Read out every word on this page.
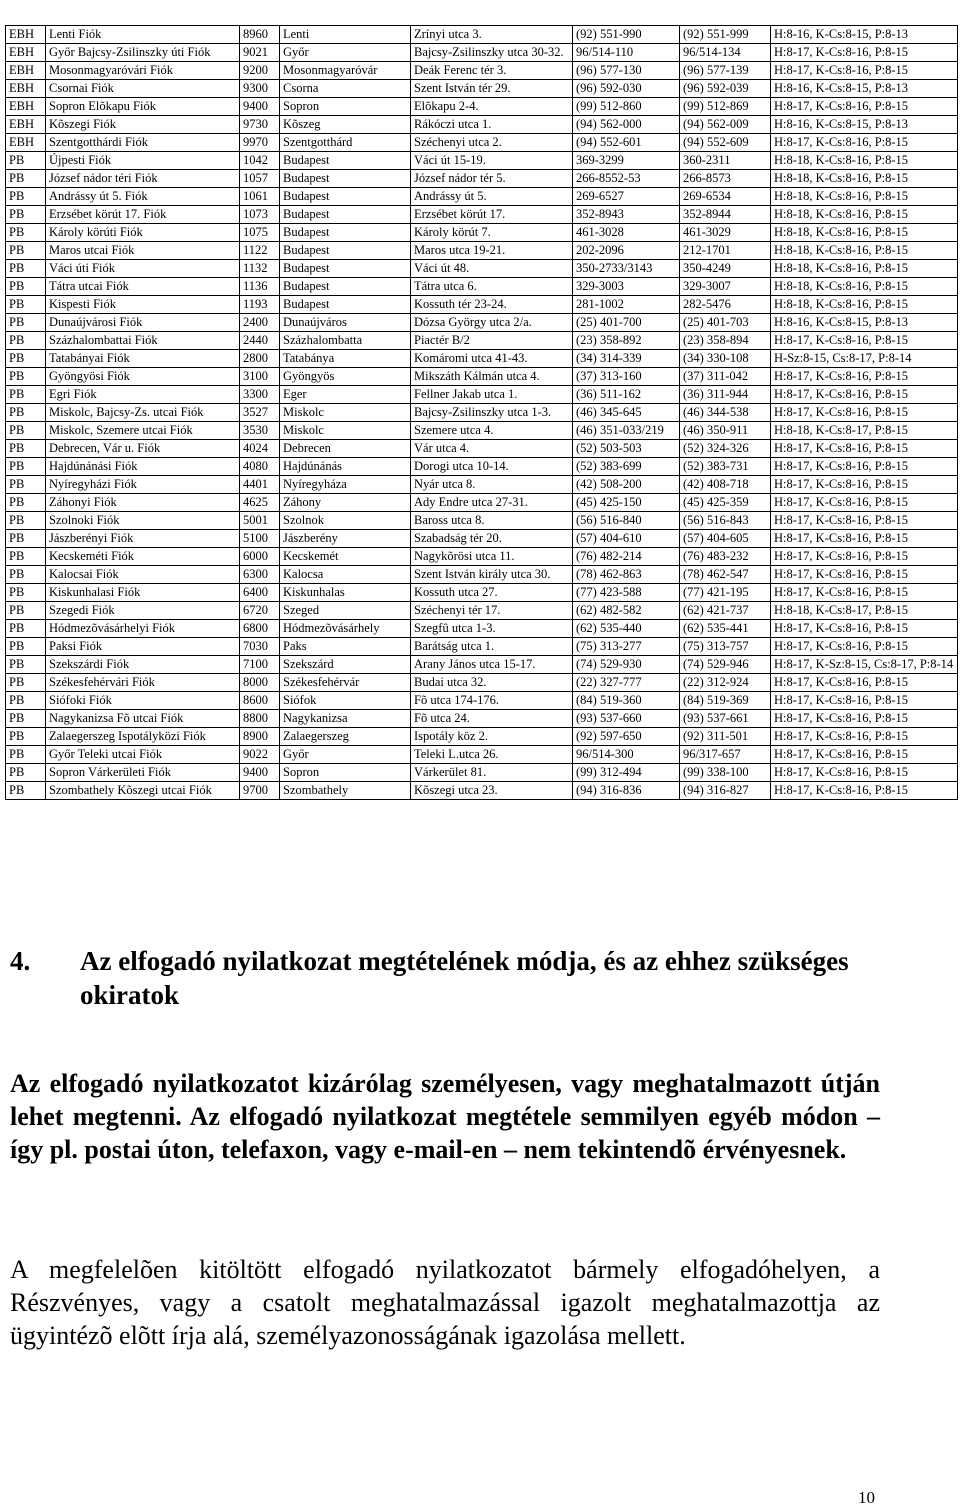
EBH	Lenti Fiók	8960	Lenti	Zrínyi utca 3.	(92) 551-990	(92) 551-999	H:8-16, K-Cs:8-15, P:8-13
EBH	Győr Bajcsy-Zsilinszky úti Fiók	9021	Győr	Bajcsy-Zsilinszky utca 30-32.	96/514-110	96/514-134	H:8-17, K-Cs:8-16, P:8-15
EBH	Mosonmagyaróvári Fiók	9200	Mosonmagyaróvár	Deák Ferenc tér 3.	(96) 577-130	(96) 577-139	H:8-17, K-Cs:8-16, P:8-15
EBH	Csornai Fiók	9300	Csorna	Szent István tér 29.	(96) 592-030	(96) 592-039	H:8-16, K-Cs:8-15, P:8-13
EBH	Sopron Elõkapu Fiók	9400	Sopron	Elõkapu 2-4.	(99) 512-860	(99) 512-869	H:8-17, K-Cs:8-16, P:8-15
EBH	Kõszegi Fiók	9730	Kõszeg	Rákóczi utca 1.	(94) 562-000	(94) 562-009	H:8-16, K-Cs:8-15, P:8-13
EBH	Szentgotthárdi Fiók	9970	Szentgotthárd	Széchenyi utca 2.	(94) 552-601	(94) 552-609	H:8-17, K-Cs:8-16, P:8-15
PB	Újpesti Fiók	1042	Budapest	Váci út 15-19.	369-3299	360-2311	H:8-18, K-Cs:8-16, P:8-15
PB	József nádor téri Fiók	1057	Budapest	József nádor tér 5.	266-8552-53	266-8573	H:8-18, K-Cs:8-16, P:8-15
PB	Andrássy út 5. Fiók	1061	Budapest	Andrássy út 5.	269-6527	269-6534	H:8-18, K-Cs:8-16, P:8-15
PB	Erzsébet körút 17. Fiók	1073	Budapest	Erzsébet körút 17.	352-8943	352-8944	H:8-18, K-Cs:8-16, P:8-15
PB	Károly körúti Fiók	1075	Budapest	Károly körút 7.	461-3028	461-3029	H:8-18, K-Cs:8-16, P:8-15
PB	Maros utcai Fiók	1122	Budapest	Maros utca 19-21.	202-2096	212-1701	H:8-18, K-Cs:8-16, P:8-15
PB	Váci úti Fiók	1132	Budapest	Váci út 48.	350-2733/3143	350-4249	H:8-18, K-Cs:8-16, P:8-15
PB	Tátra utcai Fiók	1136	Budapest	Tátra utca 6.	329-3003	329-3007	H:8-18, K-Cs:8-16, P:8-15
PB	Kispesti Fiók	1193	Budapest	Kossuth tér 23-24.	281-1002	282-5476	H:8-18, K-Cs:8-16, P:8-15
PB	Dunaújvárosi Fiók	2400	Dunaújváros	Dózsa György utca 2/a.	(25) 401-700	(25) 401-703	H:8-16, K-Cs:8-15, P:8-13
PB	Százhalombattai Fiók	2440	Százhalombatta	Piactér B/2	(23) 358-892	(23) 358-894	H:8-17, K-Cs:8-16, P:8-15
PB	Tatabányai Fiók	2800	Tatabánya	Komáromi utca 41-43.	(34) 314-339	(34) 330-108	H-Sz:8-15, Cs:8-17, P:8-14
PB	Gyöngyösi Fiók	3100	Gyöngyös	Mikszáth Kálmán utca 4.	(37) 313-160	(37) 311-042	H:8-17, K-Cs:8-16, P:8-15
PB	Egri Fiók	3300	Eger	Fellner Jakab utca 1.	(36) 511-162	(36) 311-944	H:8-17, K-Cs:8-16, P:8-15
PB	Miskolc, Bajcsy-Zs. utcai Fiók	3527	Miskolc	Bajcsy-Zsilinszky utca 1-3.	(46) 345-645	(46) 344-538	H:8-17, K-Cs:8-16, P:8-15
PB	Miskolc, Szemere utcai Fiók	3530	Miskolc	Szemere utca 4.	(46) 351-033/219	(46) 350-911	H:8-18, K-Cs:8-17, P:8-15
PB	Debrecen, Vár u. Fiók	4024	Debrecen	Vár utca 4.	(52) 503-503	(52) 324-326	H:8-17, K-Cs:8-16, P:8-15
PB	Hajdúnánási Fiók	4080	Hajdúnánás	Dorogi utca 10-14.	(52) 383-699	(52) 383-731	H:8-17, K-Cs:8-16, P:8-15
PB	Nyíregyházi Fiók	4401	Nyíregyháza	Nyár utca 8.	(42) 508-200	(42) 408-718	H:8-17, K-Cs:8-16, P:8-15
PB	Záhonyi Fiók	4625	Záhony	Ady Endre utca 27-31.	(45) 425-150	(45) 425-359	H:8-17, K-Cs:8-16, P:8-15
PB	Szolnoki Fiók	5001	Szolnok	Baross utca 8.	(56) 516-840	(56) 516-843	H:8-17, K-Cs:8-16, P:8-15
PB	Jászberényi Fiók	5100	Jászberény	Szabadság tér 20.	(57) 404-610	(57) 404-605	H:8-17, K-Cs:8-16, P:8-15
PB	Kecskeméti Fiók	6000	Kecskemét	Nagykõrösi utca 11.	(76) 482-214	(76) 483-232	H:8-17, K-Cs:8-16, P:8-15
PB	Kalocsai Fiók	6300	Kalocsa	Szent István király utca 30.	(78) 462-863	(78) 462-547	H:8-17, K-Cs:8-16, P:8-15
PB	Kiskunhalasi Fiók	6400	Kiskunhalas	Kossuth utca 27.	(77) 423-588	(77) 421-195	H:8-17, K-Cs:8-16, P:8-15
PB	Szegedi Fiók	6720	Szeged	Széchenyi tér 17.	(62) 482-582	(62) 421-737	H:8-18, K-Cs:8-17, P:8-15
PB	Hódmezõvásárhelyi Fiók	6800	Hódmezõvásárhely	Szegfû utca 1-3.	(62) 535-440	(62) 535-441	H:8-17, K-Cs:8-16, P:8-15
PB	Paksi Fiók	7030	Paks	Barátság utca 1.	(75) 313-277	(75) 313-757	H:8-17, K-Cs:8-16, P:8-15
PB	Szekszárdi Fiók	7100	Szekszárd	Arany János utca 15-17.	(74) 529-930	(74) 529-946	H:8-17, K-Sz:8-15, Cs:8-17, P:8-14
PB	Székesfehérvári Fiók	8000	Székesfehérvár	Budai utca 32.	(22) 327-777	(22) 312-924	H:8-17, K-Cs:8-16, P:8-15
PB	Siófoki Fiók	8600	Siófok	Fõ utca 174-176.	(84) 519-360	(84) 519-369	H:8-17, K-Cs:8-16, P:8-15
PB	Nagykanizsa Fõ utcai Fiók	8800	Nagykanizsa	Fõ utca 24.	(93) 537-660	(93) 537-661	H:8-17, K-Cs:8-16, P:8-15
PB	Zalaegerszeg Ispotályközi Fiók	8900	Zalaegerszeg	Ispotály köz 2.	(92) 597-650	(92) 311-501	H:8-17, K-Cs:8-16, P:8-15
PB	Győr Teleki utcai Fiók	9022	Győr	Teleki L.utca 26.	96/514-300	96/317-657	H:8-17, K-Cs:8-16, P:8-15
PB	Sopron Várkerületi Fiók	9400	Sopron	Várkerület 81.	(99) 312-494	(99) 338-100	H:8-17, K-Cs:8-16, P:8-15
PB	Szombathely Kõszegi utcai Fiók	9700	Szombathely	Kõszegi utca 23.	(94) 316-836	(94) 316-827	H:8-17, K-Cs:8-16, P:8-15
4. Az elfogadó nyilatkozat megtételének módja, és az ehhez szükséges okiratok

Az elfogadó nyilatkozatot kizárólag személyesen, vagy meghatalmazott útján lehet megtenni. Az elfogadó nyilatkozat megtétele semmilyen egyéb módon – így pl. postai úton, telefaxon, vagy e-mail-en – nem tekintendõ érvényesnek.

A megfelelõen kitöltött elfogadó nyilatkozatot bármely elfogadóhelyen, a Részvényes, vagy a csatolt meghatalmazással igazolt meghatalmazottja az ügyintézõ elõtt írja alá, személyazonosságának igazolása mellett.

10
